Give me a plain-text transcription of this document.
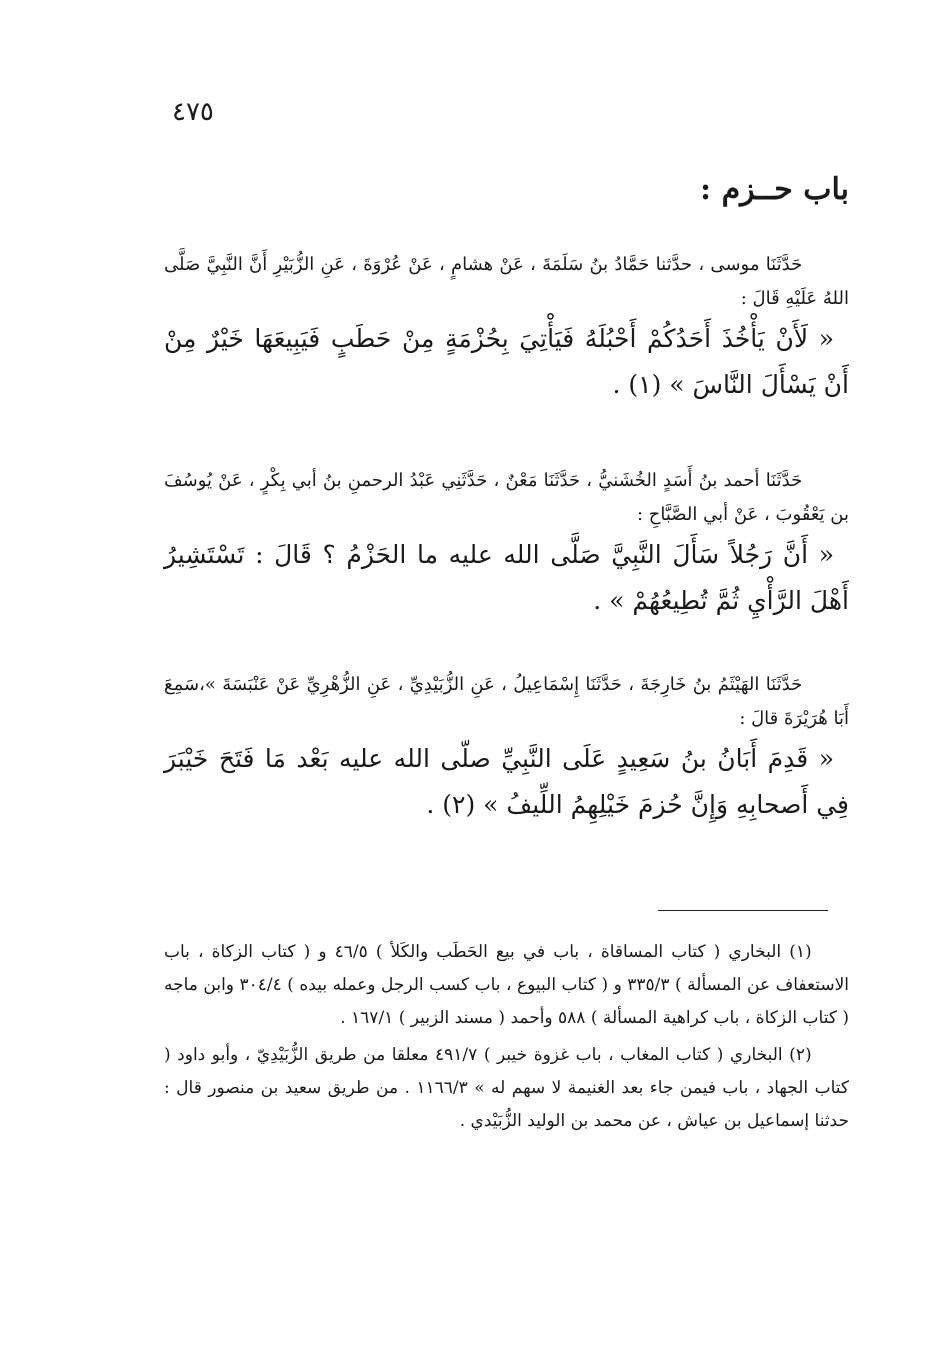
٤٧٥
باب حــزم :

حَدَّثَنَا موسى ، حدَّثنا حَمَّادُ بنُ سَلَمَةَ ، عَنْ هشامٍ ، عَنْ عُرْوَةَ ، عَنِ الزُّبَيْرِ أَنَّ النَّبِيَّ صَلَّى اللهُ عَلَيْهِ قَالَ :

« لَأَنْ يَأْخُذَ أَحَدُكُمْ أَحْبُلَهُ فَيَأْتِيَ بِحُزْمَةٍ مِنْ حَطَبٍ فَيَبِيعَهَا خَيْرٌ مِنْ أَنْ يَسْأَلَ النَّاسَ » (١) .

حَدَّثَنَا أحمد بنُ أَسَدٍ الخُشَنيُّ ، حَدَّثَنَا مَعْنٌ ، حَدَّثَنِي عَبْدُ الرحمنِ بنُ أبي بِكْرٍ ، عَنْ يُوسُفَ بن يَعْقُوبَ ، عَنْ أبي الصَّبَّاحِ :

« أَنَّ رَجُلاً سَأَلَ النَّبِيَّ صَلَّى الله عليه ما الحَزْمُ ؟ قَالَ : تَسْتَشِيرُ أَهْلَ الرَّأْيِ ثُمَّ تُطِيعُهُمْ » .

حَدَّثَنَا الهَيْثَمُ بنُ خَارِجَةَ ، حَدَّثَنَا إِسْمَاعِيلُ ، عَنِ الزُّبَيْدِيِّ ، عَنِ الزُّهْرِيِّ عَنْ عَنْبَسَةَ »،سَمِعَ أَبَا هُرَيْرَةَ قالَ :

« قَدِمَ أَبَانُ بنُ سَعِيدٍ عَلَى النَّبِيِّ صلّى الله عليه بَعْد مَا فَتَحَ خَيْبَرَ فِي أَصحابِهِ وَإِنَّ حُزمَ خَيْلِهِمُ اللِّيفُ » (٢) .

(١) البخاري ( كتاب المساقاة ، باب في بيع الحَطَب والكَلأ ) ٤٦/٥ و ( كتاب الزكاة ، باب الاستعفاف عن المسألة ) ٣٣٥/٣ و ( كتاب البيوع ، باب كسب الرجل وعمله بيده ) ٣٠٤/٤ وابن ماجه ( كتاب الزكاة ، باب كراهية المسألة ) ٥٨٨ وأحمد ( مسند الزبير ) ١٦٧/١ .

(٢) البخاري ( كتاب المغاب ، باب غزوة خيبر ) ٤٩١/٧ معلقا من طريق الزُّبَيْدِيّ ، وأبو داود ( كتاب الجهاد ، باب فيمن جاء بعد الغنيمة لا سهم له » ١١٦٦/٣ . من طريق سعيد بن منصور قال : حدثنا إسماعيل بن عياش ، عن محمد بن الوليد الزُّبَيْدي .
